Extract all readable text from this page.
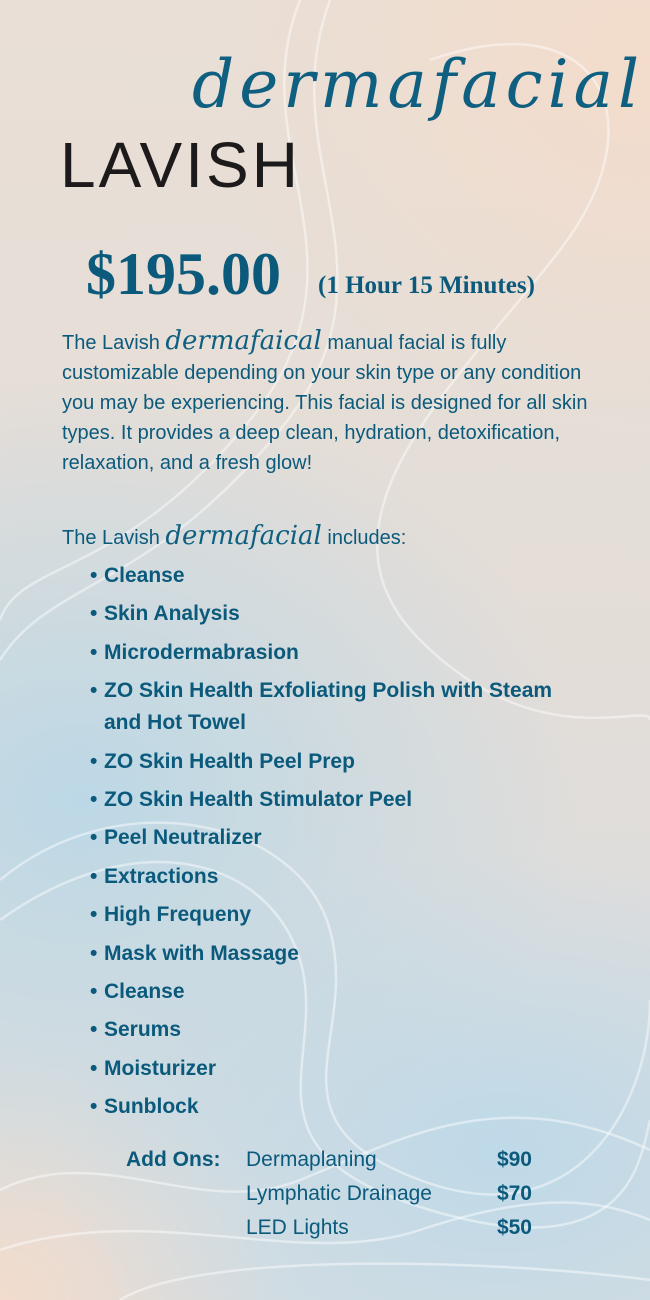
dermafacial
LAVISH
$195.00 (1 Hour 15 Minutes)
The Lavish dermafaical manual facial is fully customizable depending on your skin type or any condition you may be experiencing. This facial is designed for all skin types. It provides a deep clean, hydration, detoxification, relaxation, and a fresh glow!
The Lavish dermafacial includes:
• Cleanse
• Skin Analysis
• Microdermabrasion
• ZO Skin Health Exfoliating Polish with Steam and Hot Towel
• ZO Skin Health Peel Prep
• ZO Skin Health Stimulator Peel
• Peel Neutralizer
• Extractions
• High Frequeny
• Mask with Massage
• Cleanse
• Serums
• Moisturizer
• Sunblock
Add Ons: Dermaplaning	$90
Lymphatic Drainage	$70
LED Lights	$50
